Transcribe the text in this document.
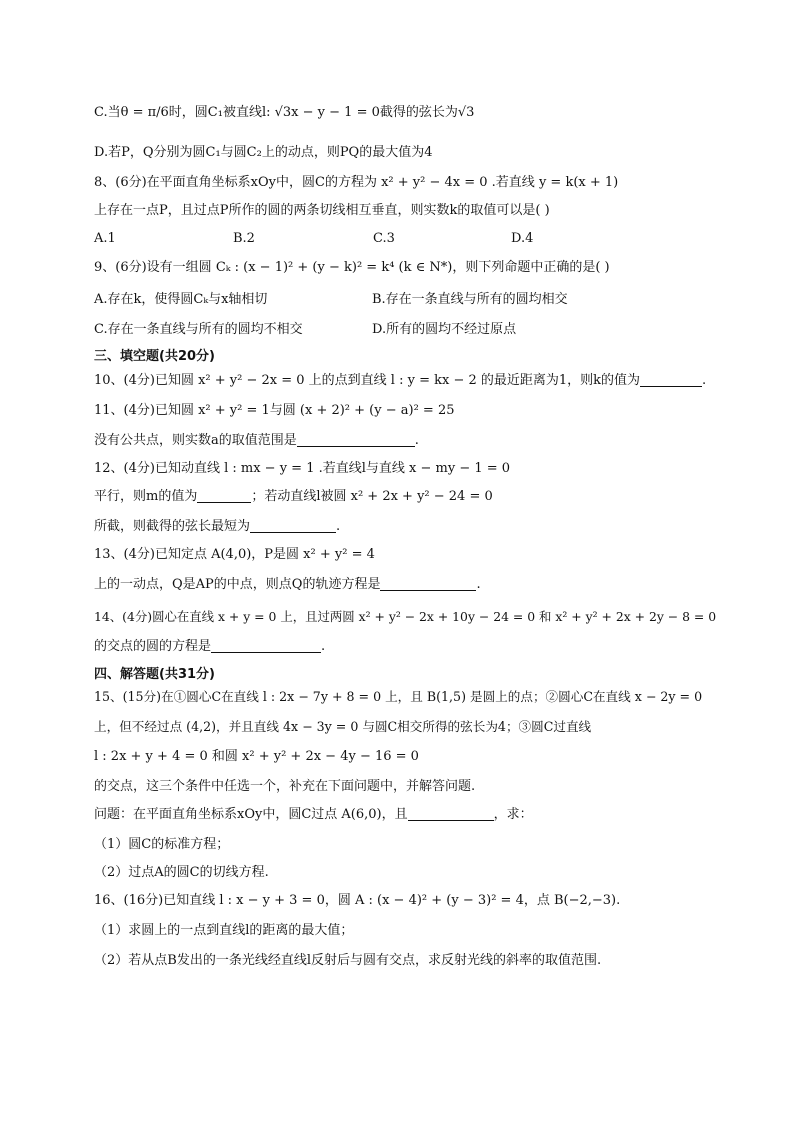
C.当θ = π/6时，圆C₁被直线l: √3x − y − 1 = 0截得的弦长为√3
D.若P，Q分别为圆C₁与圆C₂上的动点，则PQ的最大值为4
8、(6分)在平面直角坐标系xOy中，圆C的方程为 x² + y² − 4x = 0 .若直线 y = k(x + 1)
上存在一点P，且过点P所作的圆的两条切线相互垂直，则实数k的取值可以是( )
A.1	B.2	C.3	D.4
9、(6分)设有一组圆 Cₖ : (x − 1)² + (y − k)² = k⁴ (k ∈ N*)，则下列命题中正确的是( )
A.存在k，使得圆Cₖ与x轴相切	B.存在一条直线与所有的圆均相交
C.存在一条直线与所有的圆均不相交	D.所有的圆均不经过原点
三、填空题(共20分)
10、(4分)已知圆 x² + y² − 2x = 0 上的点到直线 l : y = kx − 2 的最近距离为1，则k的值为	.
11、(4分)已知圆 x² + y² = 1与圆 (x + 2)² + (y − a)² = 25
没有公共点，则实数a的取值范围是	.
12、(4分)已知动直线 l : mx − y = 1 .若直线l与直线 x − my − 1 = 0
平行，则m的值为	；若动直线l被圆 x² + 2x + y² − 24 = 0
所截，则截得的弦长最短为	.
13、(4分)已知定点 A(4,0)，P是圆 x² + y² = 4
上的一动点，Q是AP的中点，则点Q的轨迹方程是	.
14、(4分)圆心在直线 x + y = 0 上，且过两圆 x² + y² − 2x + 10y − 24 = 0 和 x² + y² + 2x + 2y − 8 = 0
的交点的圆的方程是	.
四、解答题(共31分)
15、(15分)在①圆心C在直线 l : 2x − 7y + 8 = 0 上，且 B(1,5) 是圆上的点；②圆心C在直线 x − 2y = 0
上，但不经过点 (4,2)，并且直线 4x − 3y = 0 与圆C相交所得的弦长为4；③圆C过直线
l : 2x + y + 4 = 0 和圆 x² + y² + 2x − 4y − 16 = 0
的交点，这三个条件中任选一个，补充在下面问题中，并解答问题.
问题：在平面直角坐标系xOy中，圆C过点 A(6,0)，且	，求：
（1）圆C的标准方程；
（2）过点A的圆C的切线方程.
16、(16分)已知直线 l : x − y + 3 = 0，圆 A : (x − 4)² + (y − 3)² = 4，点 B(−2,−3).
（1）求圆上的一点到直线l的距离的最大值；
（2）若从点B发出的一条光线经直线l反射后与圆有交点，求反射光线的斜率的取值范围.
